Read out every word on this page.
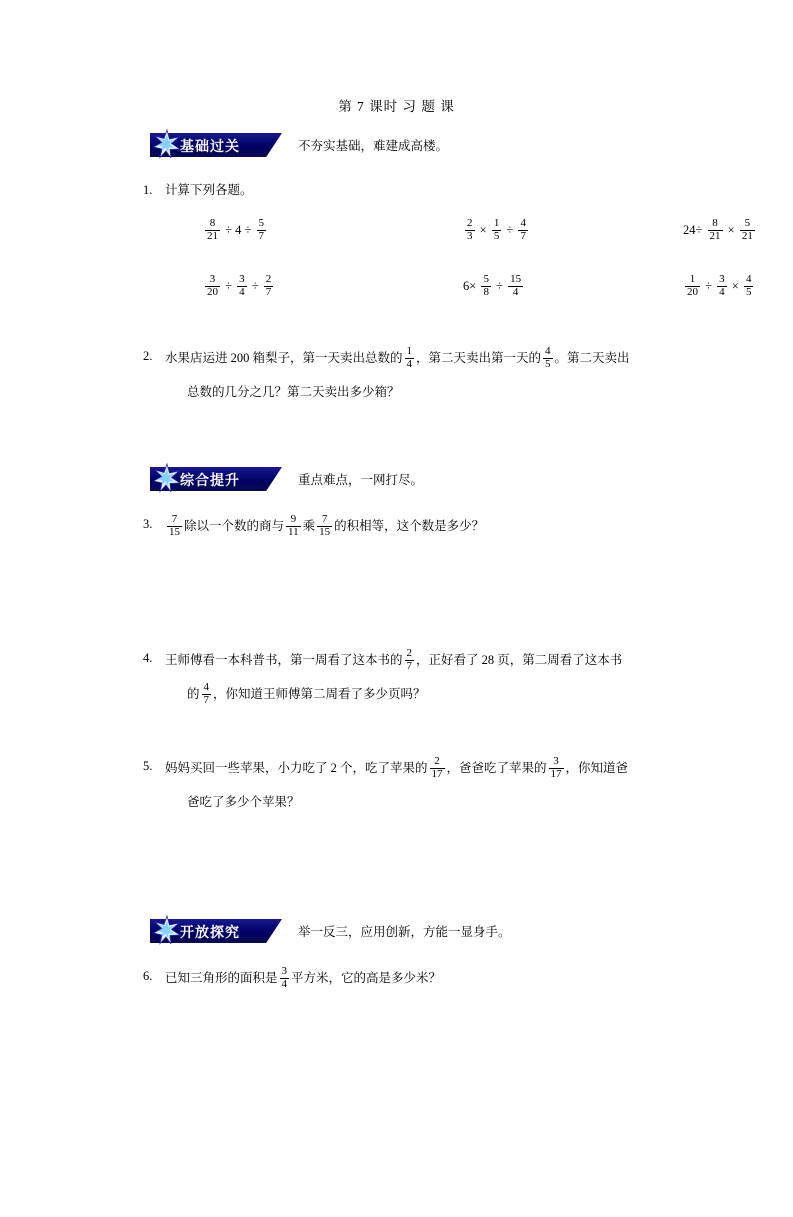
第 7 课时 习 题 课
基础过关	不夯实基础，难建成高楼。
1.	计算下列各题。
$\frac{8}{21} \div 4 \div \frac{5}{7}$	$\frac{2}{3} \times \frac{1}{5} \div \frac{4}{7}$	$24\div \frac{8}{21} \times \frac{5}{21}$
$\frac{3}{20} \div \frac{3}{4} \div \frac{2}{7}$	$6\times \frac{5}{8} \div \frac{15}{4}$	$\frac{1}{20} \div \frac{3}{4} \times \frac{4}{5}$
2.	水果店运进 200 箱梨子，第一天卖出总数的 $\frac{1}{4}$ ，第二天卖出第一天的 $\frac{4}{5}$ 。第二天卖出
总数的几分之几？第二天卖出多少箱？
综合提升	重点难点，一网打尽。
3.	$\frac{7}{15}$ 除以一个数的商与 $\frac{9}{11}$ 乘 $\frac{7}{15}$ 的积相等，这个数是多少？
4.	王师傅看一本科普书，第一周看了这本书的 $\frac{2}{7}$ ，正好看了 28 页，第二周看了这本书
的 $\frac{4}{7}$ ，你知道王师傅第二周看了多少页吗？
5.	妈妈买回一些苹果，小力吃了 2 个，吃了苹果的 $\frac{2}{17}$ ，爸爸吃了苹果的 $\frac{3}{17}$ ，你知道爸
爸吃了多少个苹果？
开放探究	举一反三，应用创新，方能一显身手。
6.	已知三角形的面积是 $\frac{3}{4}$ 平方米，它的高是多少米？
